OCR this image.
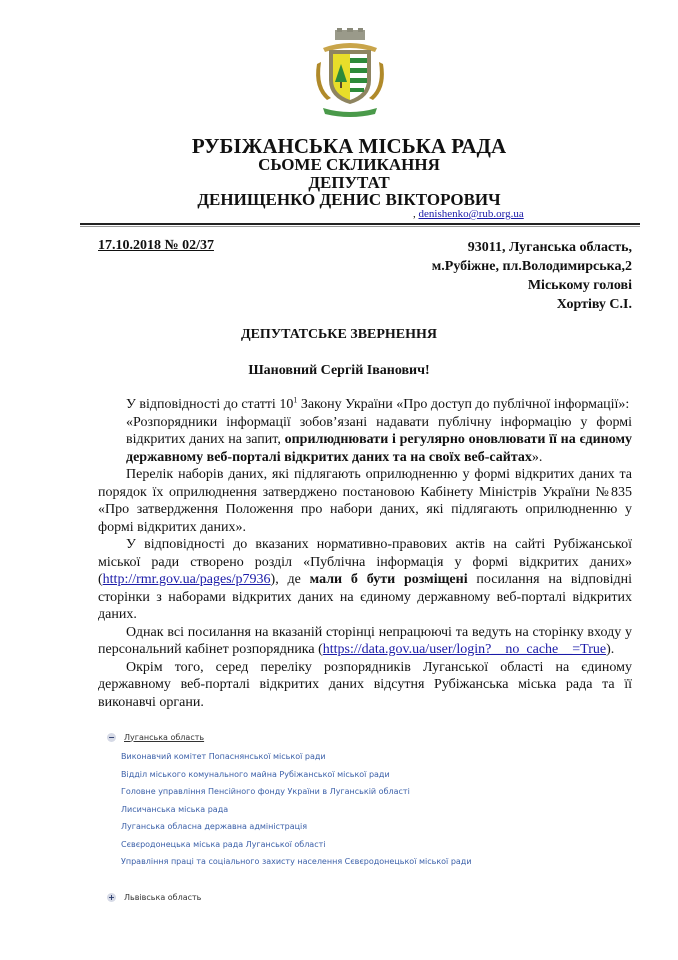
РУБІЖАНСЬКА МІСЬКА РАДА
СЬОМЕ СКЛИКАННЯ
ДЕПУТАТ
ДЕНИЩЕНКО ДЕНИС ВІКТОРОВИЧ
, denishenko@rub.org.ua
17.10.2018 № 02/37	93011, Луганська область,
м.Рубіжне, пл.Володимирська,2
Міському голові
Хортіву С.І.
ДЕПУТАТСЬКЕ ЗВЕРНЕННЯ
Шановний Сергій Іванович!

У відповідності до статті $10^1$ Закону України «Про доступ до публічної інформації»:

«Розпорядники інформації зобов’язані надавати публічну інформацію у формі відкритих даних на запит, оприлюднювати і регулярно оновлювати її на єдиному державному веб-порталі відкритих даних та на своїх веб-сайтах».

Перелік наборів даних, які підлягають оприлюдненню у формі відкритих даних та порядок їх оприлюднення затверджено постановою Кабінету Міністрів України №835 «Про затвердження Положення про набори даних, які підлягають оприлюдненню у формі відкритих даних».

У відповідності до вказаних нормативно-правових актів на сайті Рубіжанської міської ради створено розділ «Публічна інформація у формі відкритих даних» (http://rmr.gov.ua/pages/p7936), де мали б бути розміщені посилання на відповідні сторінки з наборами відкритих даних на єдиному державному веб-порталі відкритих даних.

Однак всі посилання на вказаній сторінці непрацюючі та ведуть на сторінку входу у персональний кабінет розпорядника (https://data.gov.ua/user/login?__no_cache__=True).

Окрім того, серед переліку розпорядників Луганської області на єдиному державному веб-порталі відкритих даних відсутня Рубіжанська міська рада та її виконавчі органи.

− Луганська область
Виконавчий комітет Попаснянської міської ради
Відділ міського комунального майна Рубіжанської міської ради
Головне управління Пенсійного фонду України в Луганській області
Лисичанська міська рада
Луганська обласна державна адміністрація
Сєвєродонецька міська рада Луганської області
Управління праці та соціального захисту населення Сєвєродонецької міської ради
+ Львівська область
